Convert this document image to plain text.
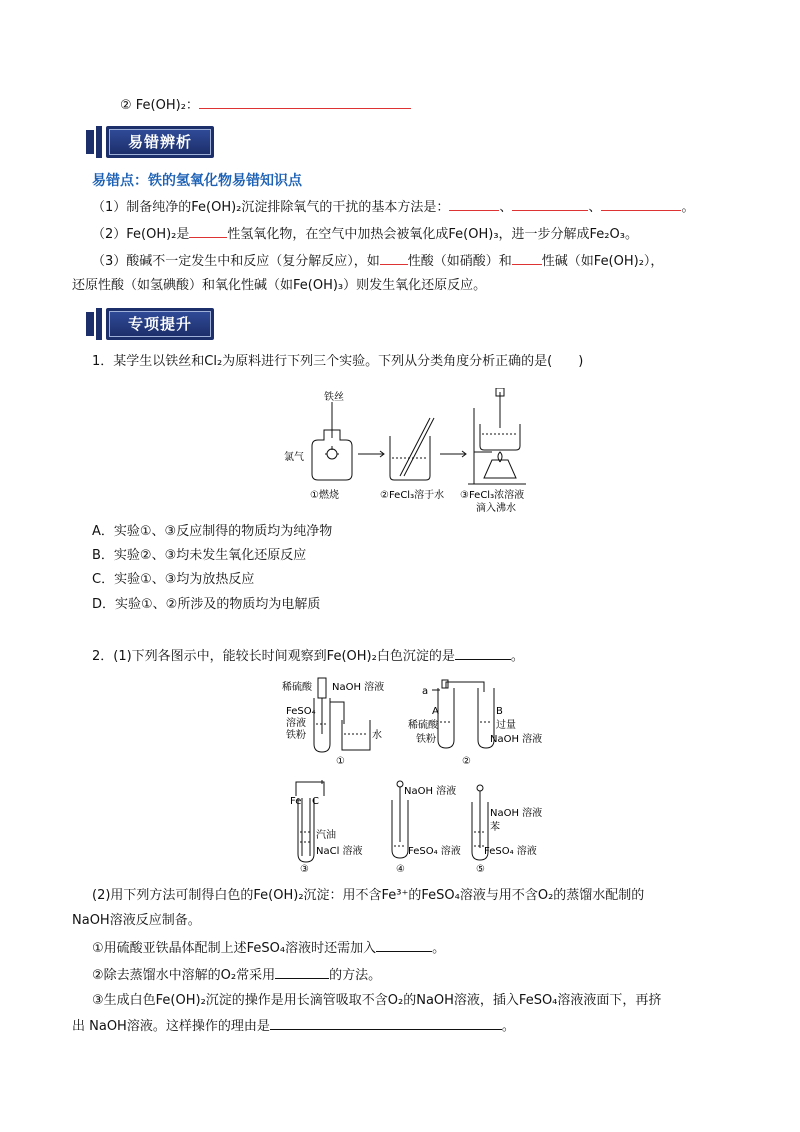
② Fe(OH)₂：
易错辨析
易错点：铁的氢氧化物易错知识点
（1）制备纯净的Fe(OH)₂沉淀排除氧气的干扰的基本方法是：	、	、	。
（2）Fe(OH)₂是	性氢氧化物，在空气中加热会被氧化成Fe(OH)₃，进一步分解成Fe₂O₃。
（3）酸碱不一定发生中和反应（复分解反应），如 性酸（如硝酸）和 性碱（如Fe(OH)₂），
还原性酸（如氢碘酸）和氧化性碱（如Fe(OH)₃）则发生氧化还原反应。
专项提升
1．某学生以铁丝和Cl₂为原料进行下列三个实验。下列从分类角度分析正确的是(　　)
铁丝
氯气
①燃烧	②FeCl₃溶于水 ③FeCl₃浓溶液
滴入沸水
A．实验①、③反应制得的物质均为纯净物
B．实验②、③均未发生氧化还原反应
C．实验①、③均为放热反应
D．实验①、②所涉及的物质均为电解质
2．(1)下列各图示中，能较长时间观察到Fe(OH)₂白色沉淀的是	。
稀硫酸 NaOH 溶液
FeSO₄
溶液
铁粉	水
①
a
A	B
稀硫酸	过量
铁粉	NaOH 溶液
②
Fe C
汽油
NaCl 溶液
③
NaOH 溶液
FeSO₄ 溶液
④
NaOH 溶液
苯
FeSO₄ 溶液
⑤
(2)用下列方法可制得白色的Fe(OH)₂沉淀：用不含Fe³⁺的FeSO₄溶液与用不含O₂的蒸馏水配制的
NaOH溶液反应制备。
①用硫酸亚铁晶体配制上述FeSO₄溶液时还需加入	。
②除去蒸馏水中溶解的O₂常采用	的方法。
③生成白色Fe(OH)₂沉淀的操作是用长滴管吸取不含O₂的NaOH溶液，插入FeSO₄溶液液面下，再挤
出 NaOH溶液。这样操作的理由是	。
